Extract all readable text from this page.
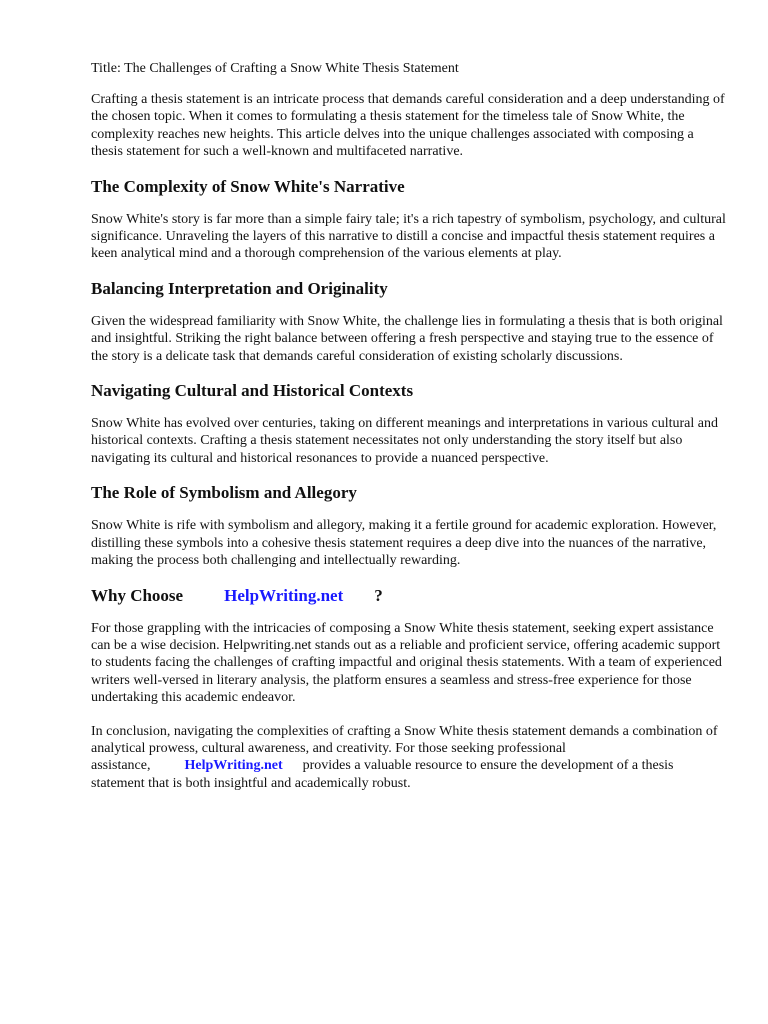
Title: The Challenges of Crafting a Snow White Thesis Statement

Crafting a thesis statement is an intricate process that demands careful consideration and a deep understanding of the chosen topic. When it comes to formulating a thesis statement for the timeless tale of Snow White, the complexity reaches new heights. This article delves into the unique challenges associated with composing a thesis statement for such a well-known and multifaceted narrative.

The Complexity of Snow White's Narrative

Snow White's story is far more than a simple fairy tale; it's a rich tapestry of symbolism, psychology, and cultural significance. Unraveling the layers of this narrative to distill a concise and impactful thesis statement requires a keen analytical mind and a thorough comprehension of the various elements at play.

Balancing Interpretation and Originality

Given the widespread familiarity with Snow White, the challenge lies in formulating a thesis that is both original and insightful. Striking the right balance between offering a fresh perspective and staying true to the essence of the story is a delicate task that demands careful consideration of existing scholarly discussions.

Navigating Cultural and Historical Contexts

Snow White has evolved over centuries, taking on different meanings and interpretations in various cultural and historical contexts. Crafting a thesis statement necessitates not only understanding the story itself but also navigating its cultural and historical resonances to provide a nuanced perspective.

The Role of Symbolism and Allegory

Snow White is rife with symbolism and allegory, making it a fertile ground for academic exploration. However, distilling these symbols into a cohesive thesis statement requires a deep dive into the nuances of the narrative, making the process both challenging and intellectually rewarding.

Why Choose HelpWriting.net ?

For those grappling with the intricacies of composing a Snow White thesis statement, seeking expert assistance can be a wise decision. Helpwriting.net stands out as a reliable and proficient service, offering academic support to students facing the challenges of crafting impactful and original thesis statements. With a team of experienced writers well-versed in literary analysis, the platform ensures a seamless and stress-free experience for those undertaking this academic endeavor.

In conclusion, navigating the complexities of crafting a Snow White thesis statement demands a combination of analytical prowess, cultural awareness, and creativity. For those seeking professional assistance, HelpWriting.net provides a valuable resource to ensure the development of a thesis statement that is both insightful and academically robust.
